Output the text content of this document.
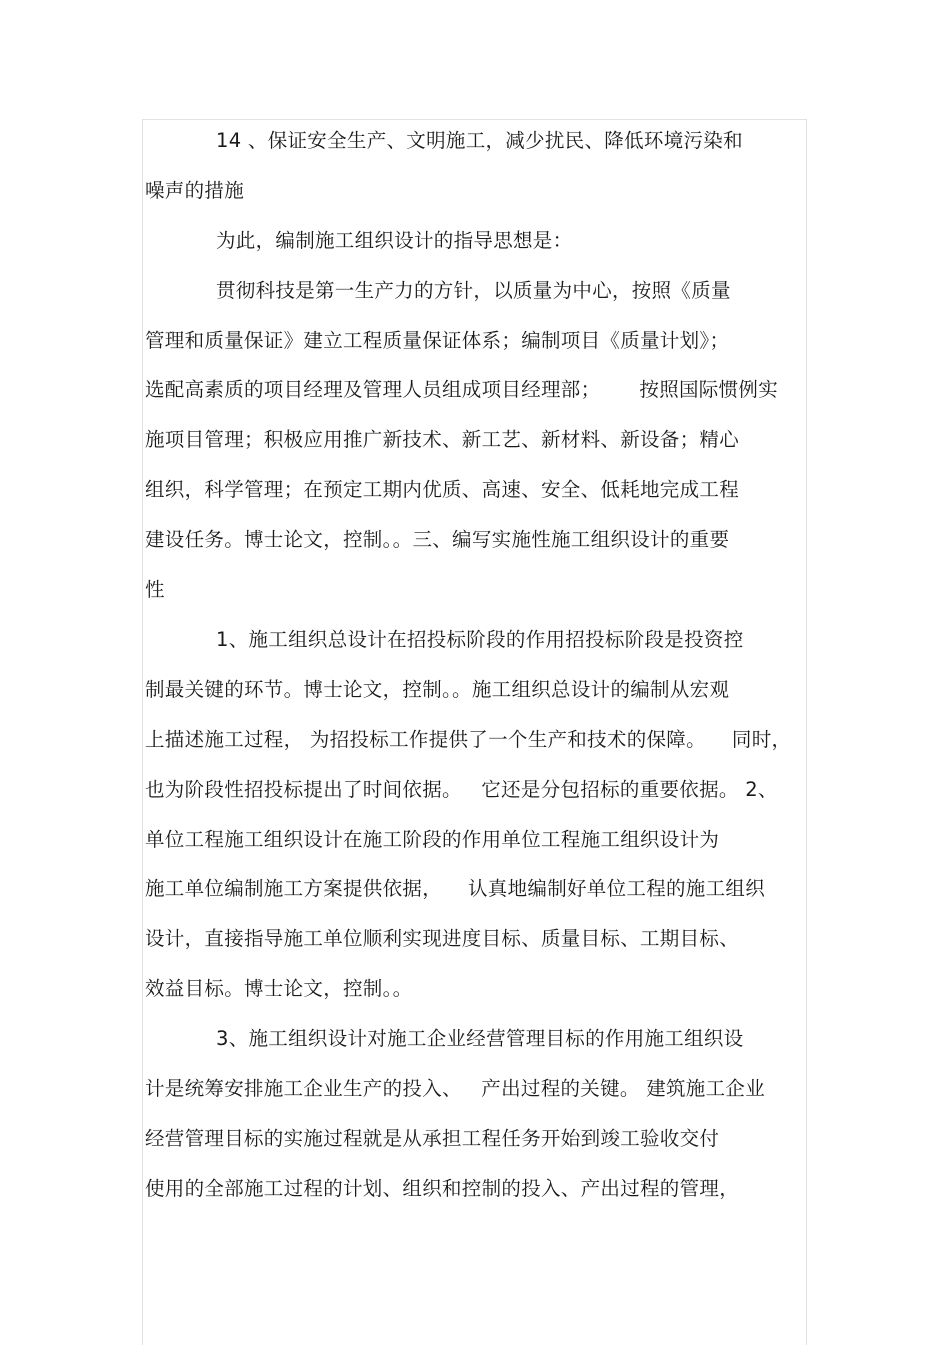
14 、保证安全生产、文明施工，减少扰民、降低环境污染和
噪声的措施
为此，编制施工组织设计的指导思想是：
贯彻科技是第一生产力的方针，以质量为中心，按照《质量
管理和质量保证》建立工程质量保证体系；编制项目《质量计划》；
选配高素质的项目经理及管理人员组成项目经理部；      按照国际惯例实
施项目管理；积极应用推广新技术、新工艺、新材料、新设备；精心
组织，科学管理；在预定工期内优质、高速、安全、低耗地完成工程
建设任务。博士论文，控制。。三、编写实施性施工组织设计的重要
性
1、施工组织总设计在招投标阶段的作用招投标阶段是投资控
制最关键的环节。博士论文，控制。。施工组织总设计的编制从宏观
上描述施工过程， 为招投标工作提供了一个生产和技术的保障。    同时，
也为阶段性招投标提出了时间依据。   它还是分包招标的重要依据。 2、
单位工程施工组织设计在施工阶段的作用单位工程施工组织设计为
施工单位编制施工方案提供依据，    认真地编制好单位工程的施工组织
设计，直接指导施工单位顺利实现进度目标、质量目标、工期目标、
效益目标。博士论文，控制。。
3、施工组织设计对施工企业经营管理目标的作用施工组织设
计是统筹安排施工企业生产的投入、   产出过程的关键。 建筑施工企业
经营管理目标的实施过程就是从承担工程任务开始到竣工验收交付
使用的全部施工过程的计划、组织和控制的投入、产出过程的管理，
